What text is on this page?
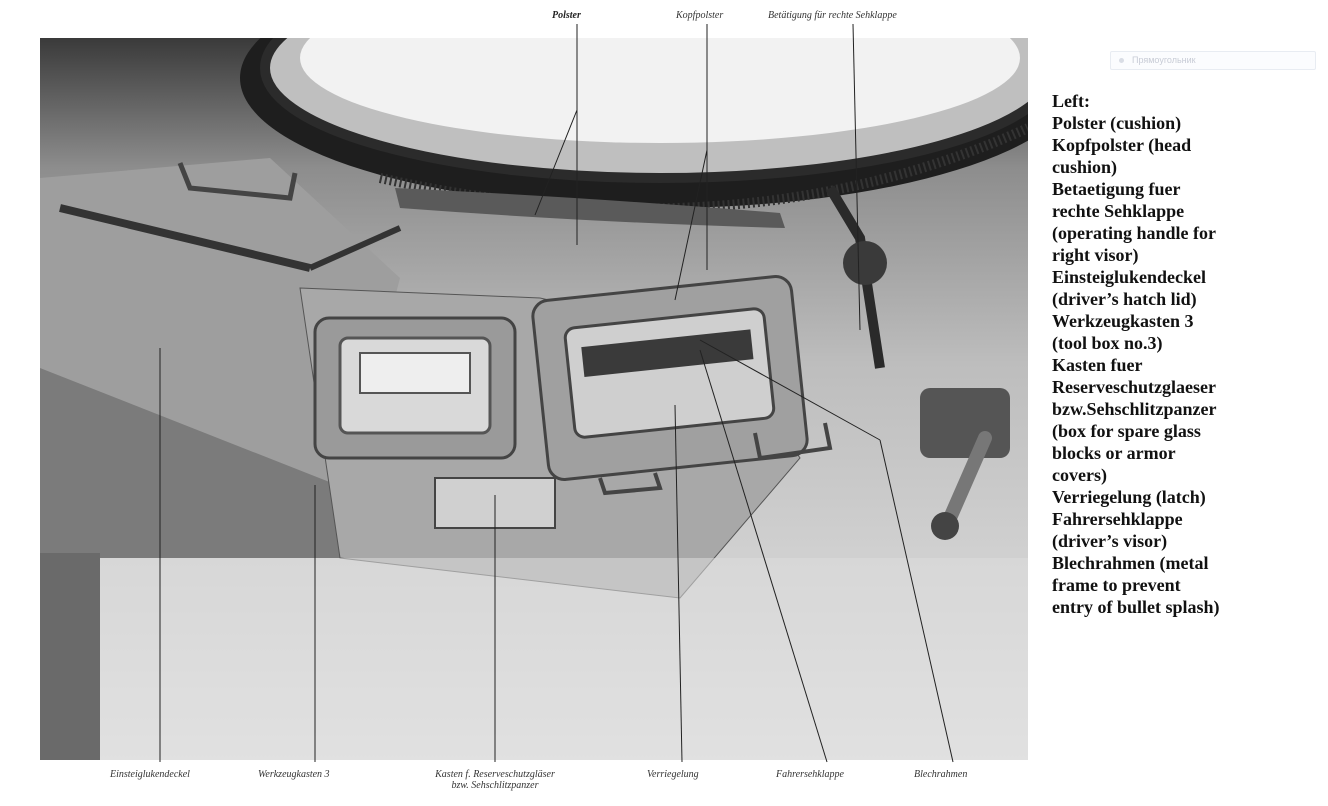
Polster	Kopfpolster	Betätigung für rechte Sehklappe
Einsteiglukendeckel	Werkzeugkasten 3	Kasten f. Reserveschutzgläser
bzw. Sehschlitzpanzer
Verriegelung	Fahrersehklappe	Blechrahmen
Прямоугольник
Left:
Polster (cushion)
Kopfpolster (head
cushion)
Betaetigung fuer
rechte Sehklappe
(operating handle for
right visor)
Einsteiglukendeckel
(driver’s hatch lid)
Werkzeugkasten 3
(tool box no.3)
Kasten fuer
Reserveschutzglaeser
bzw.Sehschlitzpanzer
(box for spare glass
blocks or armor
covers)
Verriegelung (latch)
Fahrersehklappe
(driver’s visor)
Blechrahmen (metal
frame to prevent
entry of bullet splash)
